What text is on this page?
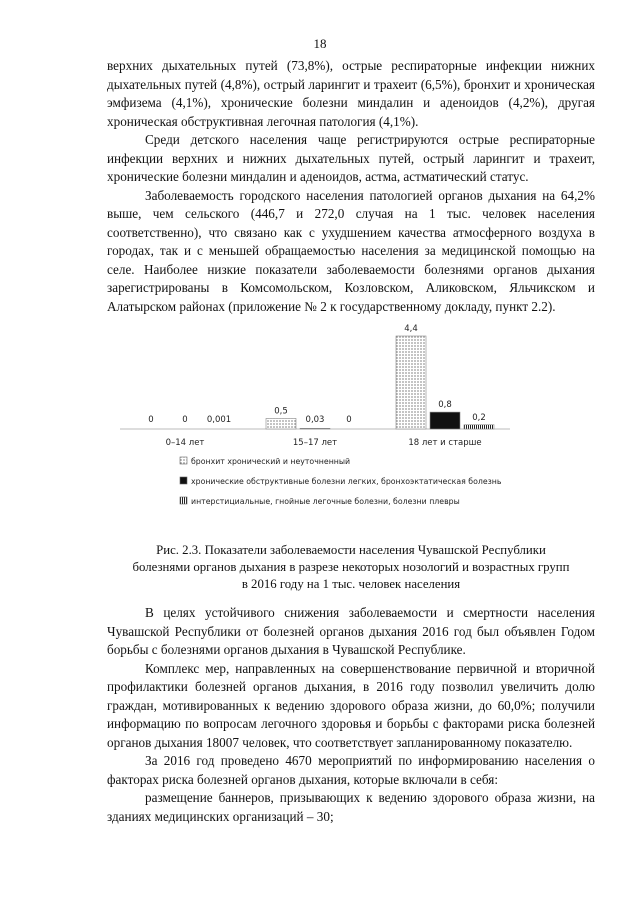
18

верхних дыхательных путей (73,8%), острые респираторные инфекции нижних дыхательных путей (4,8%), острый ларингит и трахеит (6,5%), бронхит и хроническая эмфизема (4,1%), хронические болезни миндалин и аденоидов (4,2%), другая хроническая обструктивная легочная патология (4,1%).

Среди детского населения чаще регистрируются острые респираторные инфекции верхних и нижних дыхательных путей, острый ларингит и трахеит, хронические болезни миндалин и аденоидов, астма, астматический статус.

Заболеваемость городского населения патологией органов дыхания на 64,2% выше, чем сельского (446,7 и 272,0 случая на 1 тыс. человек населения соответственно), что связано как с ухудшением качества атмосферного воздуха в городах, так и с меньшей обращаемостью населения за медицинской помощью на селе. Наиболее низкие показатели заболеваемости болезнями органов дыхания зарегистрированы в Комсомольском, Козловском, Аликовском, Яльчикском и Алатырском районах (приложение № 2 к государственному докладу, пункт 2.2).

0	0 0,001
0–14 лет
0,5
0,03	0
15–17 лет
4,4
0,8
0,2
18 лет и старше
бронхит хронический и неуточненный
хронические обструктивные болезни легких, бронхоэктатическая болезнь
интерстициальные, гнойные легочные болезни, болезни плевры
Рис. 2.3. Показатели заболеваемости населения Чувашской Республики
болезнями органов дыхания в разрезе некоторых нозологий и возрастных групп
в 2016 году на 1 тыс. человек населения

В целях устойчивого снижения заболеваемости и смертности населения Чувашской Республики от болезней органов дыхания 2016 год был объявлен Годом борьбы с болезнями органов дыхания в Чувашской Республике.

Комплекс мер, направленных на совершенствование первичной и вторичной профилактики болезней органов дыхания, в 2016 году позволил увеличить долю граждан, мотивированных к ведению здорового образа жизни, до 60,0%; получили информацию по вопросам легочного здоровья и борьбы с факторами риска болезней органов дыхания 18007 человек, что соответствует запланированному показателю.

За 2016 год проведено 4670 мероприятий по информированию населения о факторах риска болезней органов дыхания, которые включали в себя:

размещение баннеров, призывающих к ведению здорового образа жизни, на зданиях медицинских организаций – 30;
